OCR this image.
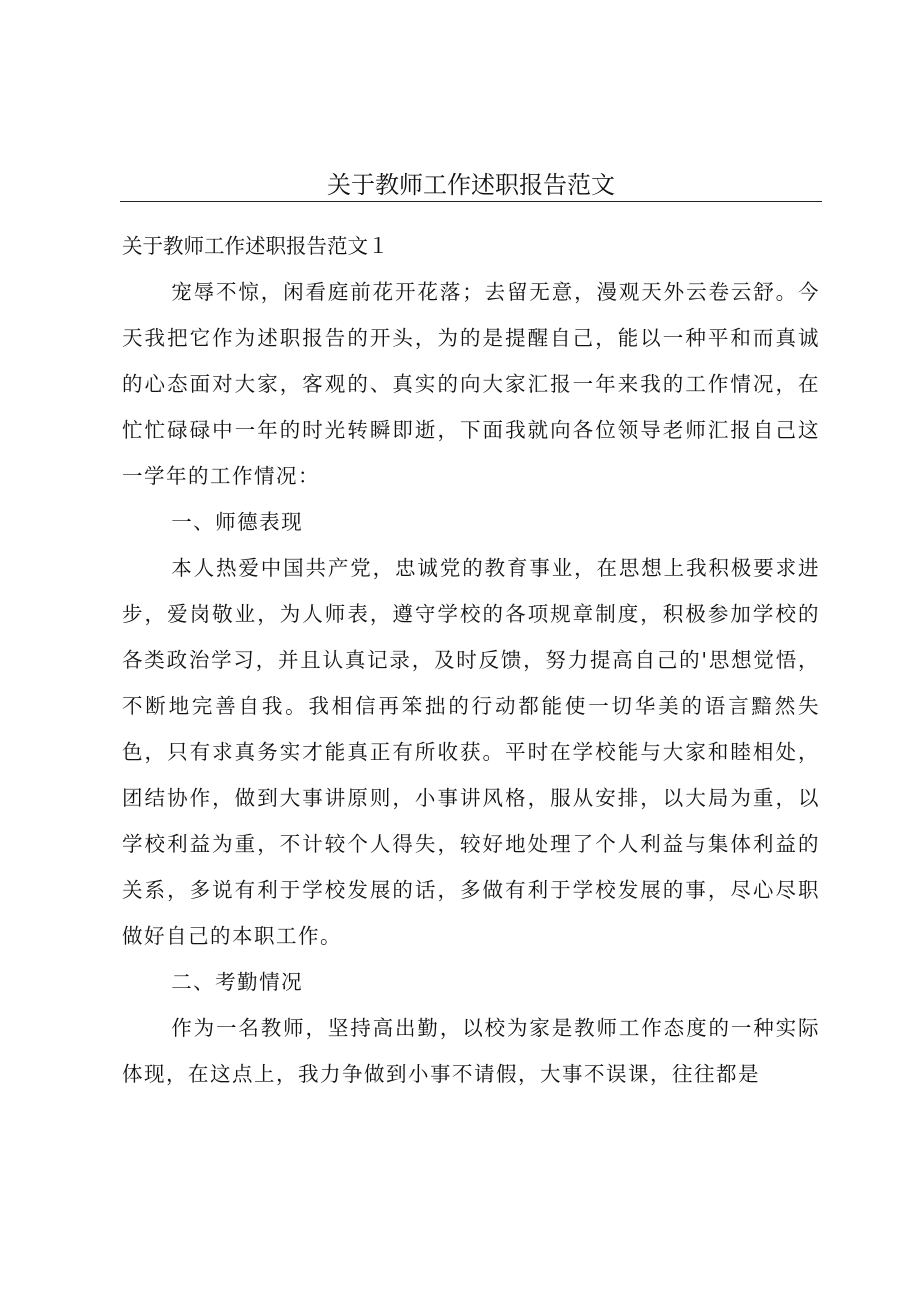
关于教师工作述职报告范文

关于教师工作述职报告范文１

宠辱不惊，闲看庭前花开花落；去留无意，漫观天外云卷云舒。今天我把它作为述职报告的开头，为的是提醒自己，能以一种平和而真诚的心态面对大家，客观的、真实的向大家汇报一年来我的工作情况，在忙忙碌碌中一年的时光转瞬即逝，下面我就向各位领导老师汇报自己这一学年的工作情况：

一、师德表现

本人热爱中国共产党，忠诚党的教育事业，在思想上我积极要求进步，爱岗敬业，为人师表，遵守学校的各项规章制度，积极参加学校的各类政治学习，并且认真记录，及时反馈，努力提高自己的'思想觉悟，不断地完善自我。我相信再笨拙的行动都能使一切华美的语言黯然失色，只有求真务实才能真正有所收获。平时在学校能与大家和睦相处，团结协作，做到大事讲原则，小事讲风格，服从安排，以大局为重，以学校利益为重，不计较个人得失，较好地处理了个人利益与集体利益的关系，多说有利于学校发展的话，多做有利于学校发展的事，尽心尽职做好自己的本职工作。

二、考勤情况

作为一名教师，坚持高出勤，以校为家是教师工作态度的一种实际体现，在这点上，我力争做到小事不请假，大事不误课，往往都是
